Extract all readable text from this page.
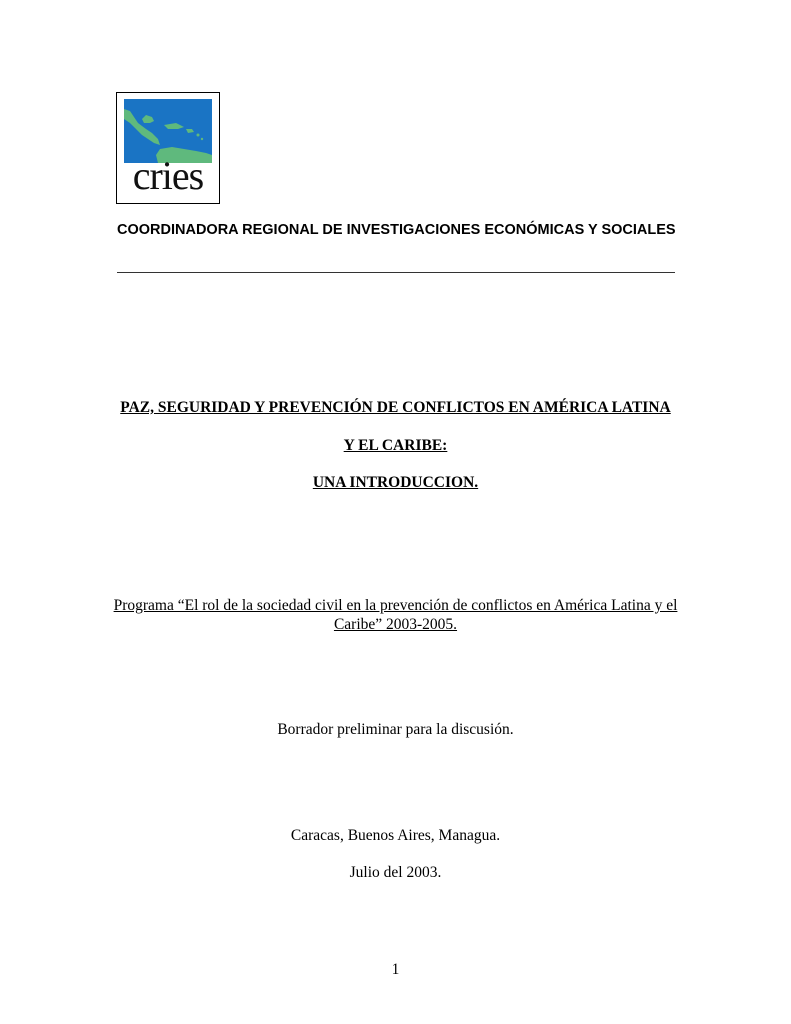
cries
COORDINADORA REGIONAL DE INVESTIGACIONES ECONÓMICAS Y SOCIALES
PAZ, SEGURIDAD Y PREVENCIÓN DE CONFLICTOS EN AMÉRICA LATINA
Y EL CARIBE:
UNA INTRODUCCION.
Programa “El rol de la sociedad civil en la prevención de conflictos en América Latina y el Caribe” 2003-2005.
Borrador preliminar para la discusión.
Caracas, Buenos Aires, Managua.
Julio del 2003.
1
